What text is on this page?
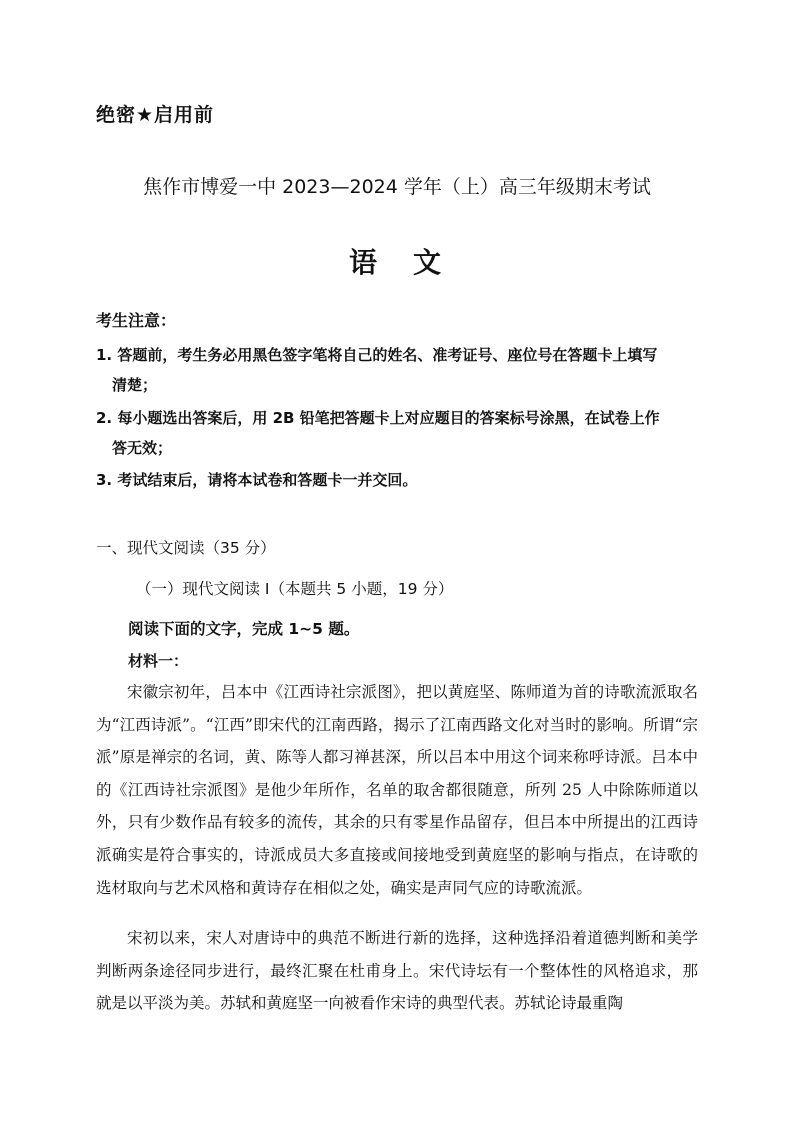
绝密★启用前
焦作市博爱一中 2023—2024 学年（上）高三年级期末考试
语　文
考生注意：
1. 答题前，考生务必用黑色签字笔将自己的姓名、准考证号、座位号在答题卡上填写
清楚；
2. 每小题选出答案后，用 2B 铅笔把答题卡上对应题目的答案标号涂黑，在试卷上作
答无效；
3. 考试结束后，请将本试卷和答题卡一并交回。
一、现代文阅读（35 分）
（一）现代文阅读 I（本题共 5 小题，19 分）
阅读下面的文字，完成 1~5 题。
材料一：
宋徽宗初年，吕本中《江西诗社宗派图》，把以黄庭坚、陈师道为首的诗歌流派取名为“江西诗派”。“江西”即宋代的江南西路，揭示了江南西路文化对当时的影响。所谓“宗派”原是禅宗的名词，黄、陈等人都习禅甚深，所以吕本中用这个词来称呼诗派。吕本中的《江西诗社宗派图》是他少年所作，名单的取舍都很随意，所列 25 人中除陈师道以外，只有少数作品有较多的流传，其余的只有零星作品留存，但吕本中所提出的江西诗派确实是符合事实的，诗派成员大多直接或间接地受到黄庭坚的影响与指点，在诗歌的选材取向与艺术风格和黄诗存在相似之处，确实是声同气应的诗歌流派。
宋初以来，宋人对唐诗中的典范不断进行新的选择，这种选择沿着道德判断和美学判断两条途径同步进行，最终汇聚在杜甫身上。宋代诗坛有一个整体性的风格追求，那就是以平淡为美。苏轼和黄庭坚一向被看作宋诗的典型代表。苏轼论诗最重陶
